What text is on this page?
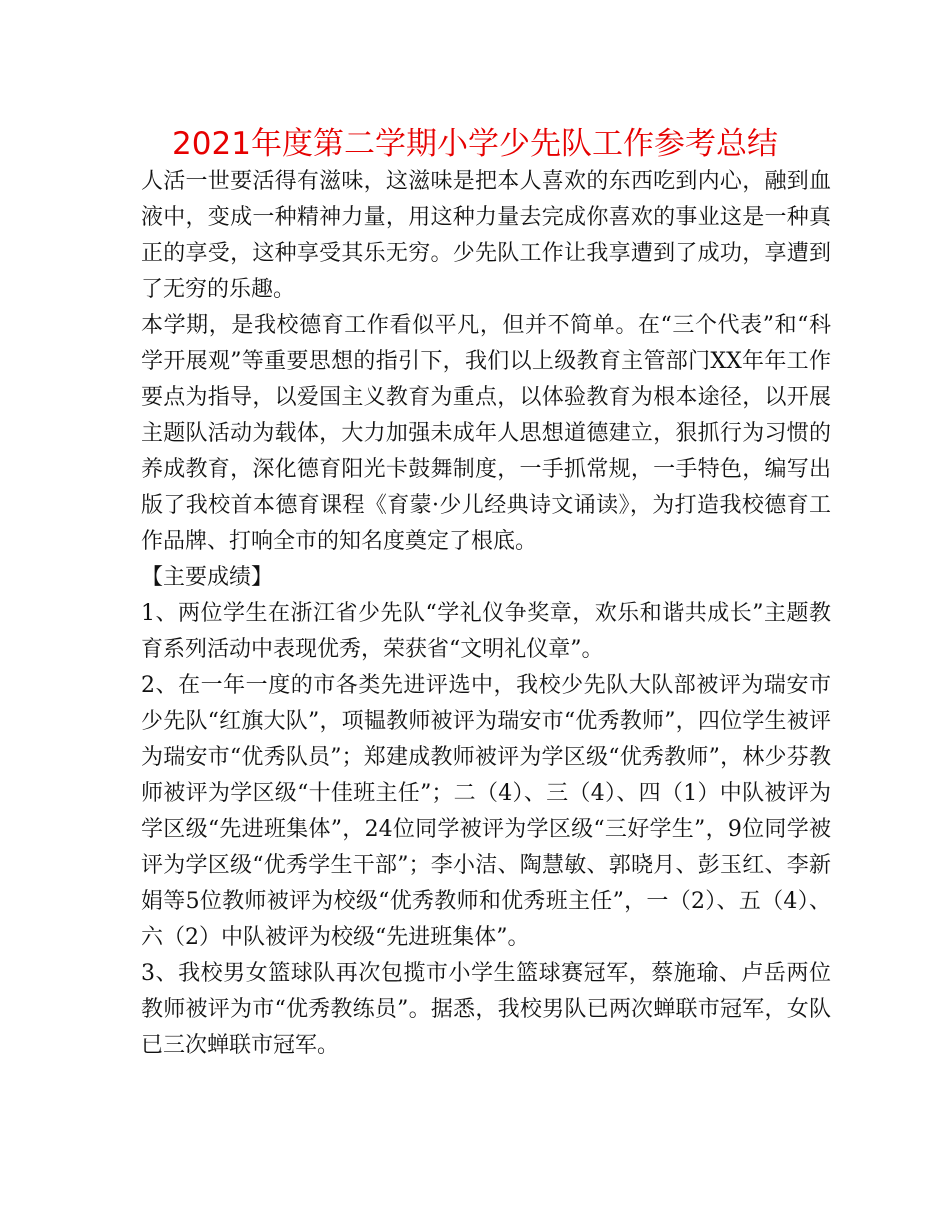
2021年度第二学期小学少先队工作参考总结

人活一世要活得有滋味，这滋味是把本人喜欢的东西吃到内心，融到血液中，变成一种精神力量，用这种力量去完成你喜欢的事业这是一种真正的享受，这种享受其乐无穷。少先队工作让我享遭到了成功，享遭到了无穷的乐趣。

本学期，是我校德育工作看似平凡，但并不简单。在“三个代表”和“科学开展观”等重要思想的指引下，我们以上级教育主管部门XX年年工作要点为指导，以爱国主义教育为重点，以体验教育为根本途径，以开展主题队活动为载体，大力加强未成年人思想道德建立，狠抓行为习惯的养成教育，深化德育阳光卡鼓舞制度，一手抓常规，一手特色，编写出版了我校首本德育课程《育蒙·少儿经典诗文诵读》，为打造我校德育工作品牌、打响全市的知名度奠定了根底。

【主要成绩】

1、两位学生在浙江省少先队“学礼仪争奖章，欢乐和谐共成长”主题教育系列活动中表现优秀，荣获省“文明礼仪章”。

2、在一年一度的市各类先进评选中，我校少先队大队部被评为瑞安市少先队“红旗大队”，项韫教师被评为瑞安市“优秀教师”，四位学生被评为瑞安市“优秀队员”；郑建成教师被评为学区级“优秀教师”，林少芬教师被评为学区级“十佳班主任”；二（4）、三（4）、四（1）中队被评为学区级“先进班集体”，24位同学被评为学区级“三好学生”，9位同学被评为学区级“优秀学生干部”；李小洁、陶慧敏、郭晓月、彭玉红、李新娟等5位教师被评为校级“优秀教师和优秀班主任”，一（2）、五（4）、六（2）中队被评为校级“先进班集体”。

3、我校男女篮球队再次包揽市小学生篮球赛冠军，蔡施瑜、卢岳两位教师被评为市“优秀教练员”。据悉，我校男队已两次蝉联市冠军，女队已三次蝉联市冠军。
